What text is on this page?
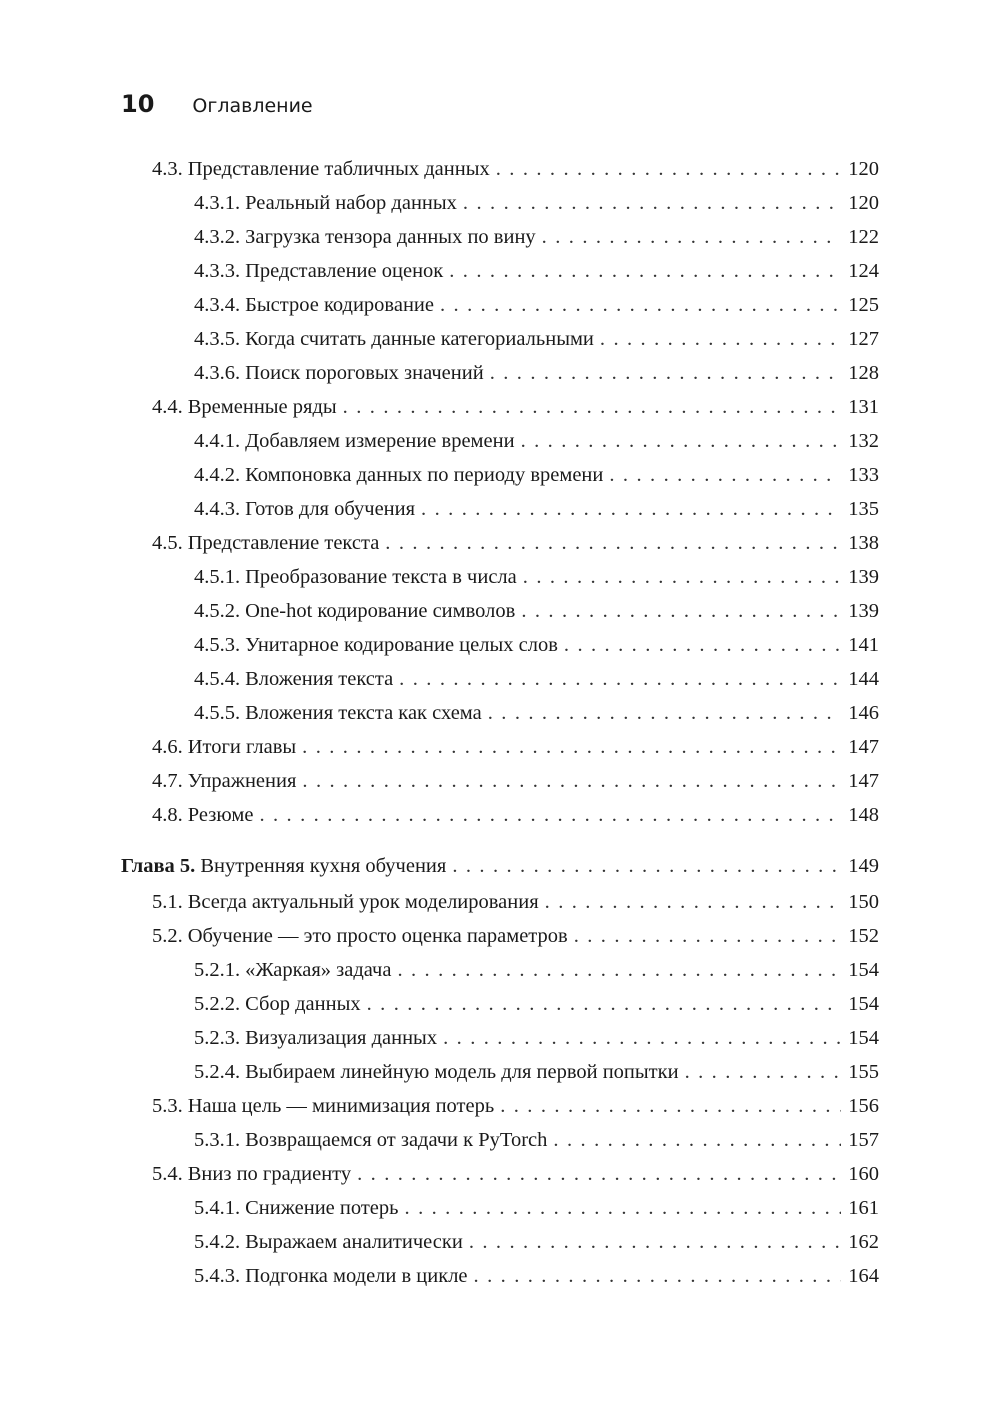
10 Оглавление
4.3. Представление табличных данных . . .	120
4.3.1. Реальный набор данных . . .	120
4.3.2. Загрузка тензора данных по вину . . .	122
4.3.3. Представление оценок . . .	124
4.3.4. Быстрое кодирование . . .	125
4.3.5. Когда считать данные категориальными . . .	127
4.3.6. Поиск пороговых значений . . .	128
4.4. Временные ряды . . .	131
4.4.1. Добавляем измерение времени . . .	132
4.4.2. Компоновка данных по периоду времени . . .	133
4.4.3. Готов для обучения . . .	135
4.5. Представление текста . . .	138
4.5.1. Преобразование текста в числа . . .	139
4.5.2. One-hot кодирование символов . . .	139
4.5.3. Унитарное кодирование целых слов . . .	141
4.5.4. Вложения текста . . .	144
4.5.5. Вложения текста как схема . . .	146
4.6. Итоги главы . . .	147
4.7. Упражнения . . .	147
4.8. Резюме . . .	148
Глава 5. Внутренняя кухня обучения . . .	149
5.1. Всегда актуальный урок моделирования . . .	150
5.2. Обучение — это просто оценка параметров . . .	152
5.2.1. «Жаркая» задача . . .	154
5.2.2. Сбор данных . . .	154
5.2.3. Визуализация данных . . .	154
5.2.4. Выбираем линейную модель для первой попытки . . .	155
5.3. Наша цель — минимизация потерь . . .	156
5.3.1. Возвращаемся от задачи к PyTorch . . .	157
5.4. Вниз по градиенту . . .	160
5.4.1. Снижение потерь . . .	161
5.4.2. Выражаем аналитически . . .	162
5.4.3. Подгонка модели в цикле . . .	164
